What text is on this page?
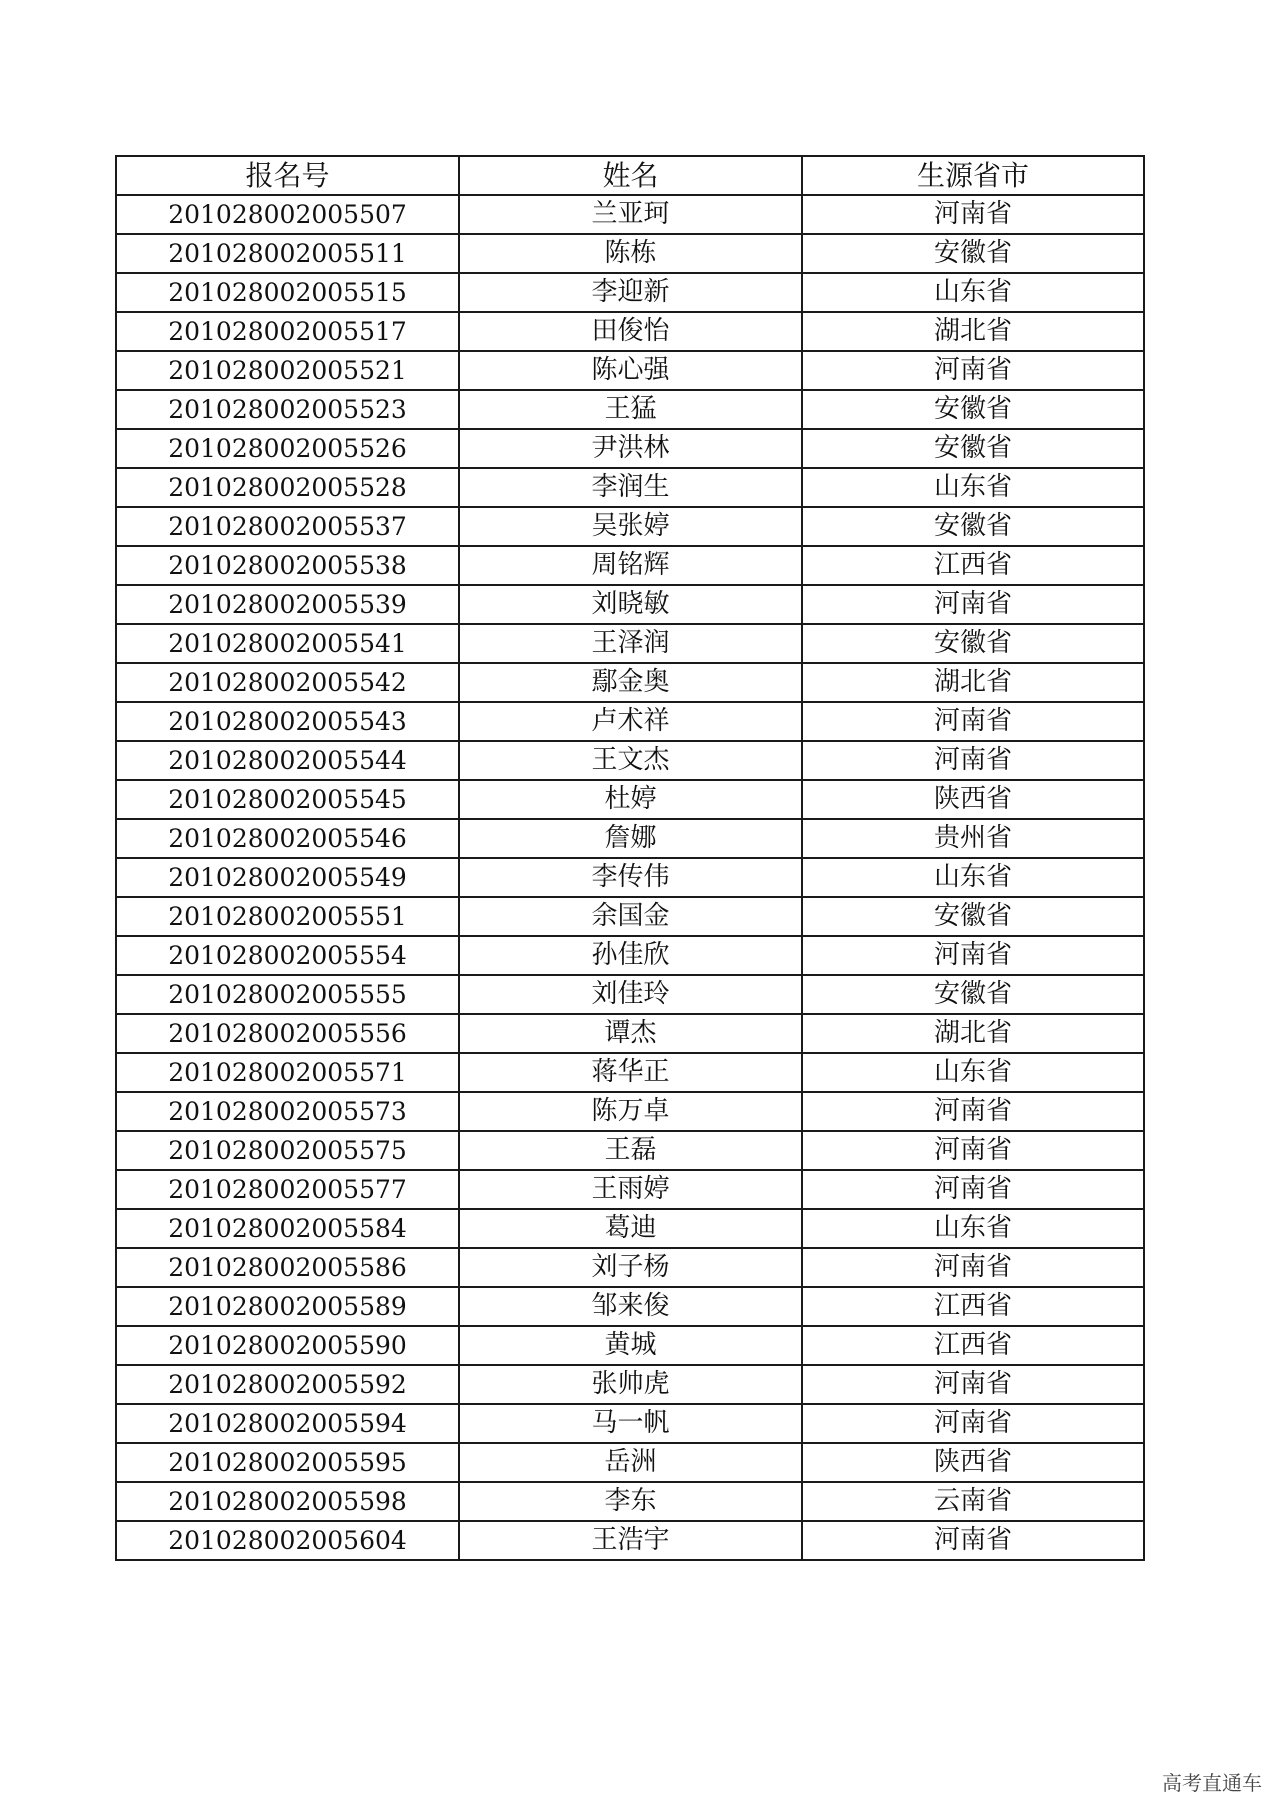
报名号	姓名	生源省市
201028002005507	兰亚珂	河南省
201028002005511	陈栋	安徽省
201028002005515	李迎新	山东省
201028002005517	田俊怡	湖北省
201028002005521	陈心强	河南省
201028002005523	王猛	安徽省
201028002005526	尹洪林	安徽省
201028002005528	李润生	山东省
201028002005537	吴张婷	安徽省
201028002005538	周铭辉	江西省
201028002005539	刘晓敏	河南省
201028002005541	王泽润	安徽省
201028002005542	鄢金奥	湖北省
201028002005543	卢术祥	河南省
201028002005544	王文杰	河南省
201028002005545	杜婷	陕西省
201028002005546	詹娜	贵州省
201028002005549	李传伟	山东省
201028002005551	余国金	安徽省
201028002005554	孙佳欣	河南省
201028002005555	刘佳玲	安徽省
201028002005556	谭杰	湖北省
201028002005571	蒋华正	山东省
201028002005573	陈万卓	河南省
201028002005575	王磊	河南省
201028002005577	王雨婷	河南省
201028002005584	葛迪	山东省
201028002005586	刘子杨	河南省
201028002005589	邹来俊	江西省
201028002005590	黄城	江西省
201028002005592	张帅虎	河南省
201028002005594	马一帆	河南省
201028002005595	岳洲	陕西省
201028002005598	李东	云南省
201028002005604	王浩宇	河南省
高考直通车
